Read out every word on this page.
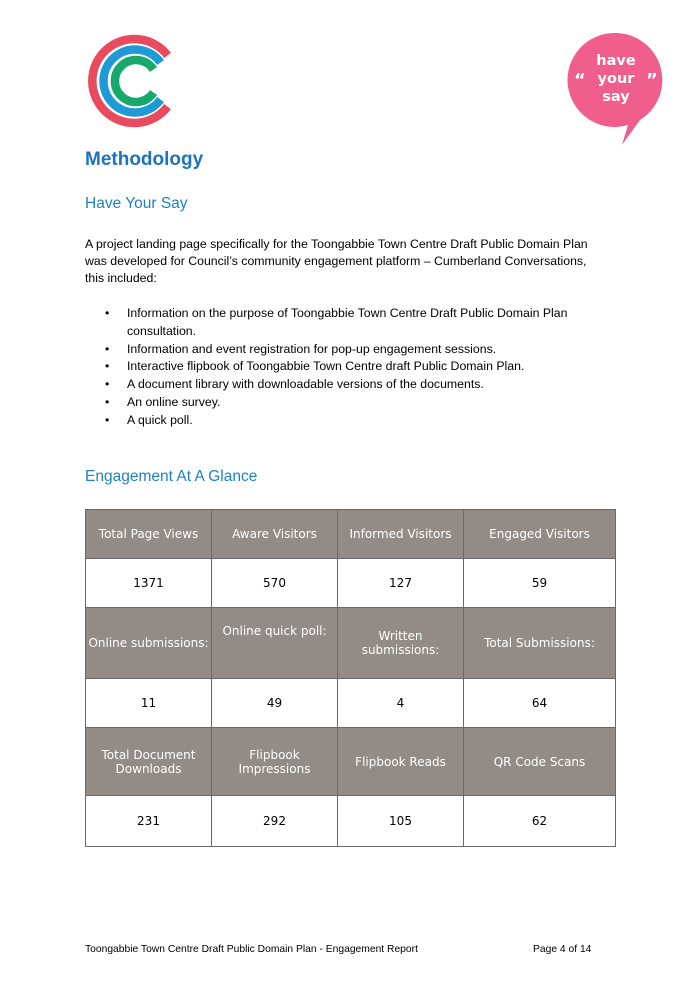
“	”
have
your
say
Methodology
Have Your Say
A project landing page specifically for the Toongabbie Town Centre Draft Public Domain Plan was developed for Council’s community engagement platform – Cumberland Conversations, this included:
• Information on the purpose of Toongabbie Town Centre Draft Public Domain Plan consultation.
• Information and event registration for pop-up engagement sessions.
• Interactive flipbook of Toongabbie Town Centre draft Public Domain Plan.
• A document library with downloadable versions of the documents.
• An online survey.
• A quick poll.
Engagement At A Glance
Total Page Views	Aware Visitors	Informed Visitors	Engaged Visitors
1371	570	127	59
Online submissions:	Online quick poll:	Written submissions:	Total Submissions:
11	49	4	64
Total Document Downloads	Flipbook Impressions	Flipbook Reads	QR Code Scans
231	292	105	62
Toongabbie Town Centre Draft Public Domain Plan - Engagement Report	Page 4 of 14
